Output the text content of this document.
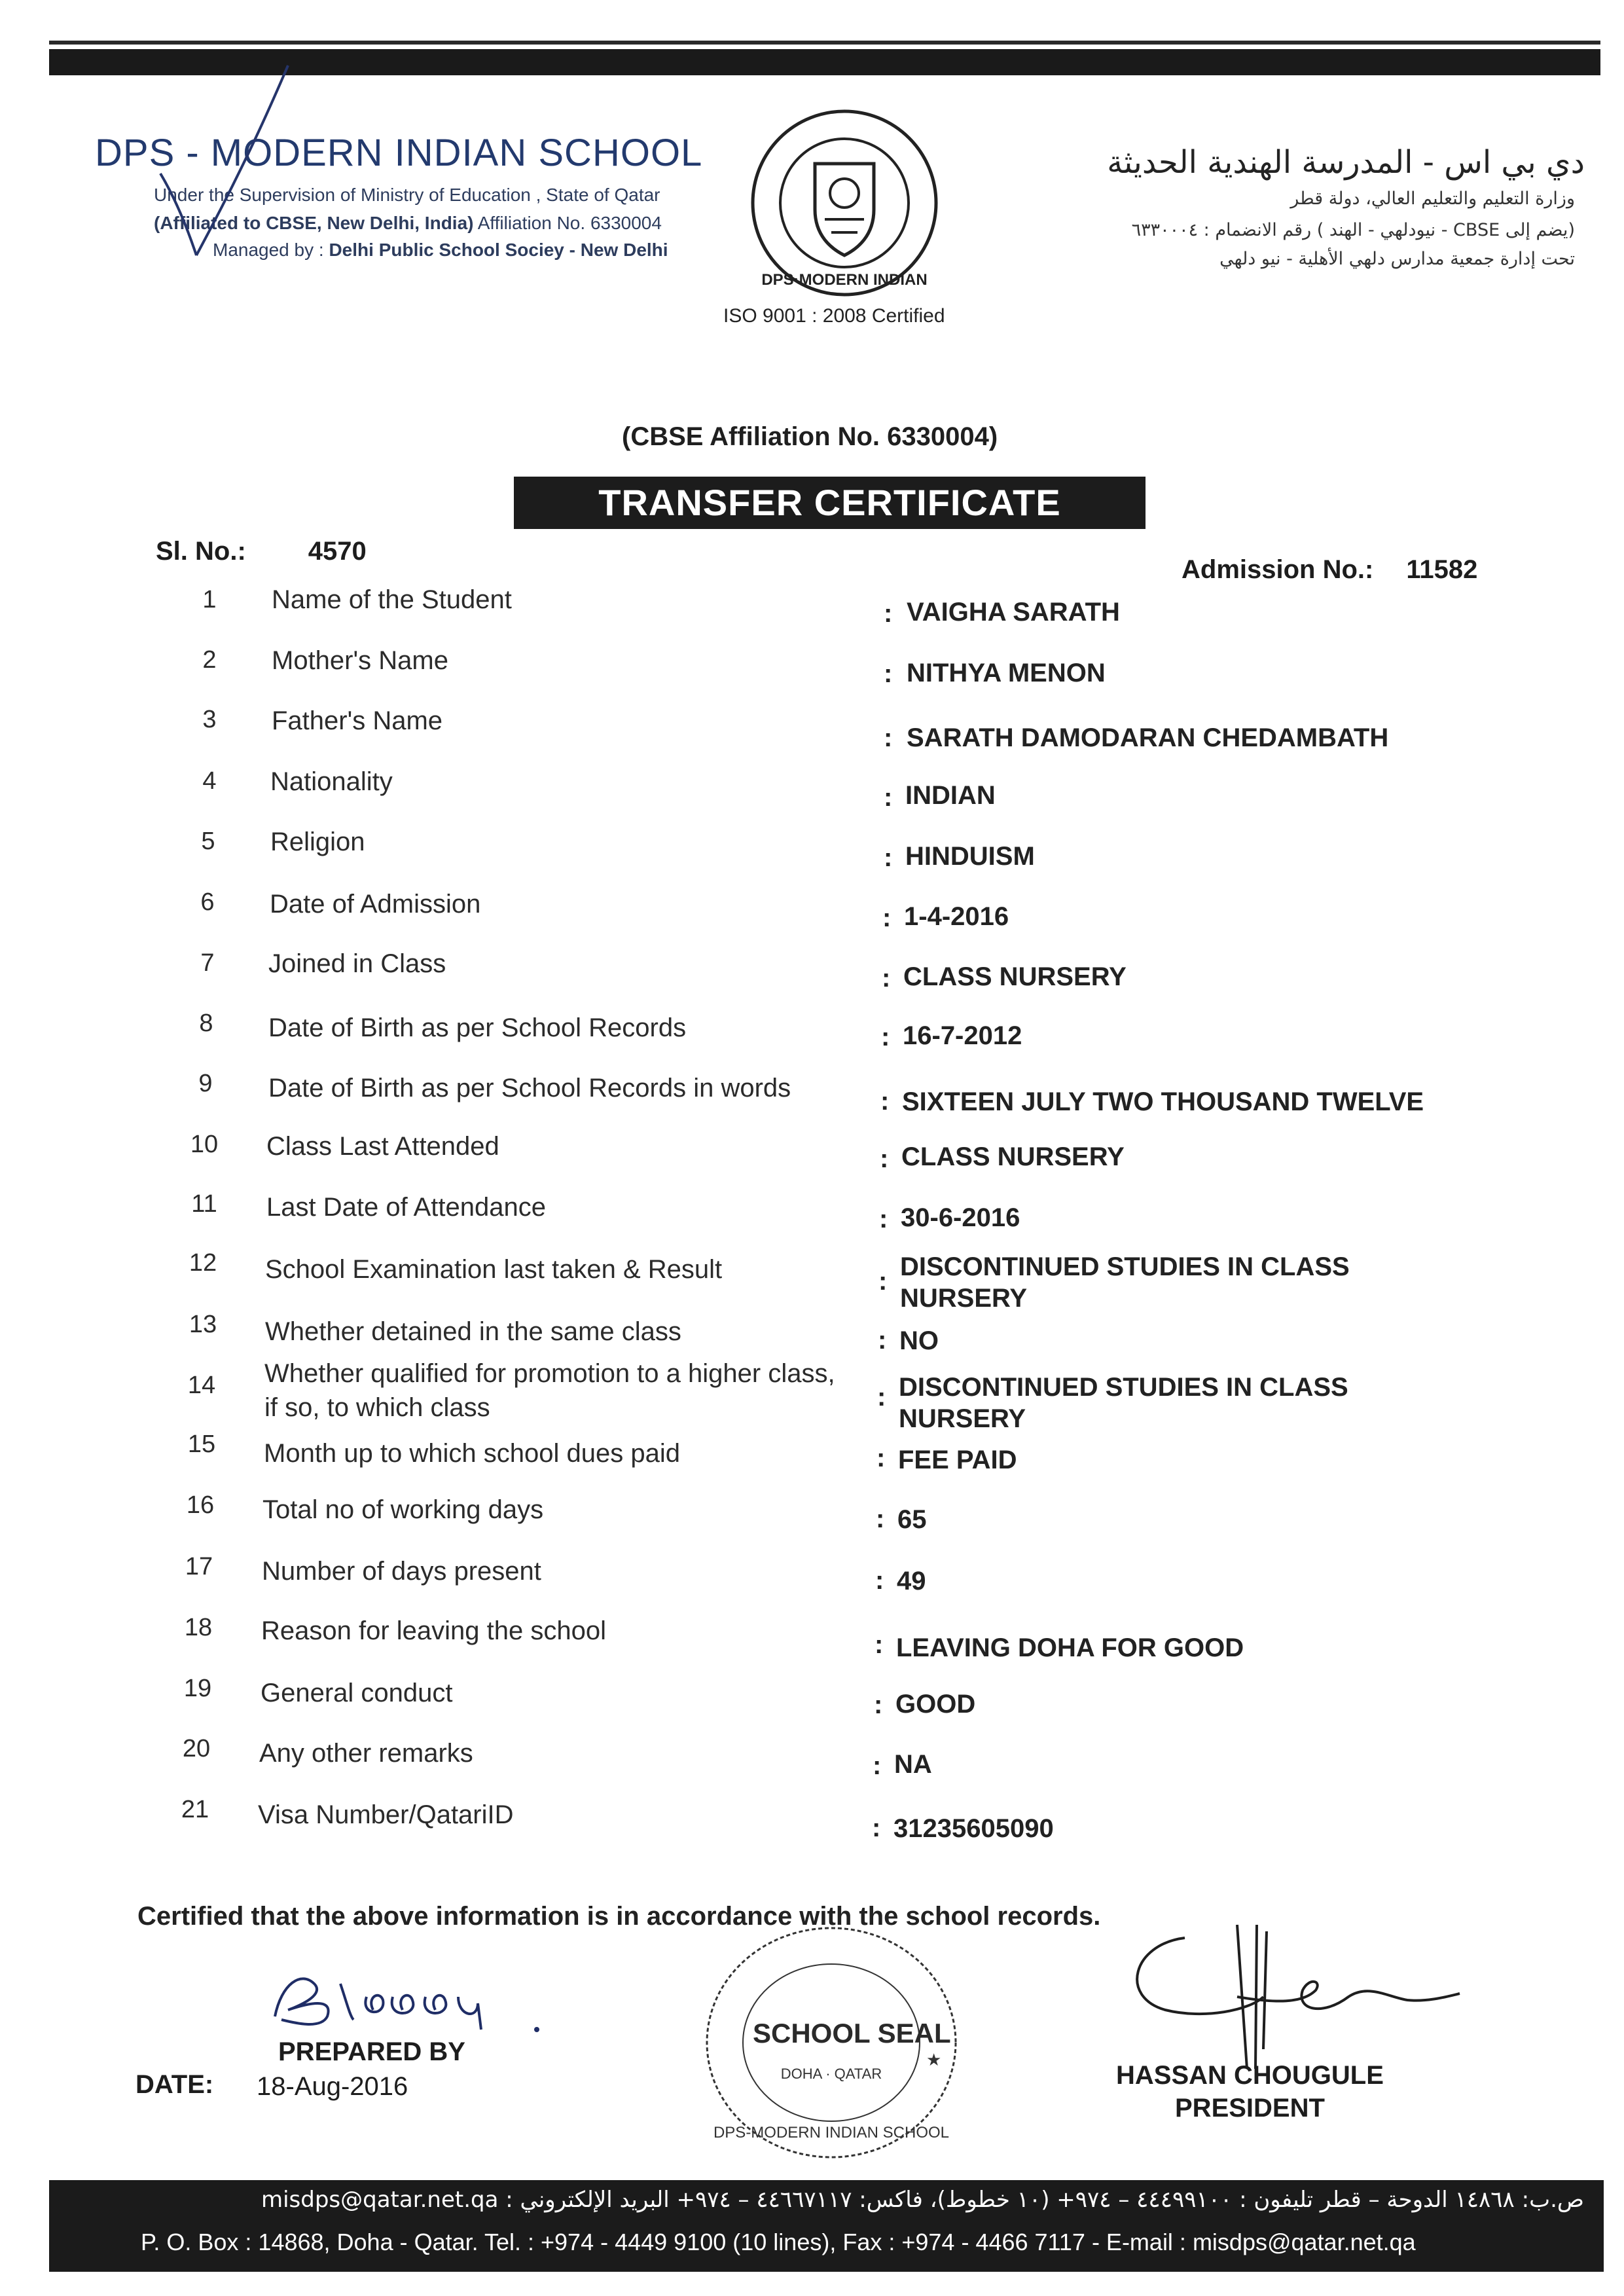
DPS - MODERN INDIAN SCHOOL
Under the Supervision of Ministry of Education , State of Qatar
(Affiliated to CBSE, New Delhi, India) Affiliation No. 6330004
Managed by : Delhi Public School Socieу - New Delhi
DPS·MODERN INDIAN
دي بي اس - المدرسة الهندية الحديثة
وزارة التعليم والتعليم العالي، دولة قطر
(يضم إلى CBSE - نيودلهي - الهند ) رقم الانضمام : ٦٣٣٠٠٠٤
تحت إدارة جمعية مدارس دلهي الأهلية - نيو دلهي
ISO 9001 : 2008 Certified
(CBSE Affiliation No. 6330004)
TRANSFER CERTIFICATE
Sl. No.: 4570
Admission No.: 11582
1	Name of the Student	: VAIGHA SARATH
2	Mother's Name	: NITHYA MENON
3	Father's Name
: SARATH DAMODARAN CHEDAMBATH
4	Nationality
: INDIAN
5	Religion
: HINDUISM
6	Date of Admission	: 1-4-2016
7	Joined in Class	: CLASS NURSERY
8	Date of Birth as per School Records	: 16-7-2012
9	Date of Birth as per School Records in words	: SIXTEEN JULY TWO THOUSAND TWELVE
10	Class Last Attended	: CLASS NURSERY
11	Last Date of Attendance	: 30-6-2016
12	School Examination last taken & Result	: DISCONTINUED STUDIES IN CLASS
NURSERY
13	Whether detained in the same class	: NO
14	Whether qualified for promotion to a higher class,
if so, to which class	: DISCONTINUED STUDIES IN CLASS
NURSERY
15	Month up to which school dues paid	: FEE PAID
16	Total no of working days	: 65
17	Number of days present	: 49
18	Reason for leaving the school	: LEAVING DOHA FOR GOOD
19	General conduct	: GOOD
20	Any other remarks	: NA
21	Visa Number/QatariID	: 31235605090
Certified that the above information is in accordance with the school records.
PREPARED BY
DATE: 18-Aug-2016
SCHOOL SEAL
DOHA · QATAR
DPS-MODERN INDIAN SCHOOL
★
HASSAN CHOUGULE
PRESIDENT
ص.ب: ١٤٨٦٨ الدوحة – قطر تليفون : ٤٤٤٩٩١٠٠ – ٩٧٤+ (١٠ خطوط)، فاكس: ٤٤٦٦٧١١٧ – ٩٧٤+ البريد الإلكتروني : misdps@qatar.net.qa
P. O. Box : 14868, Doha - Qatar. Tel. : +974 - 4449 9100 (10 lines), Fax : +974 - 4466 7117 - E-mail : misdps@qatar.net.qa
